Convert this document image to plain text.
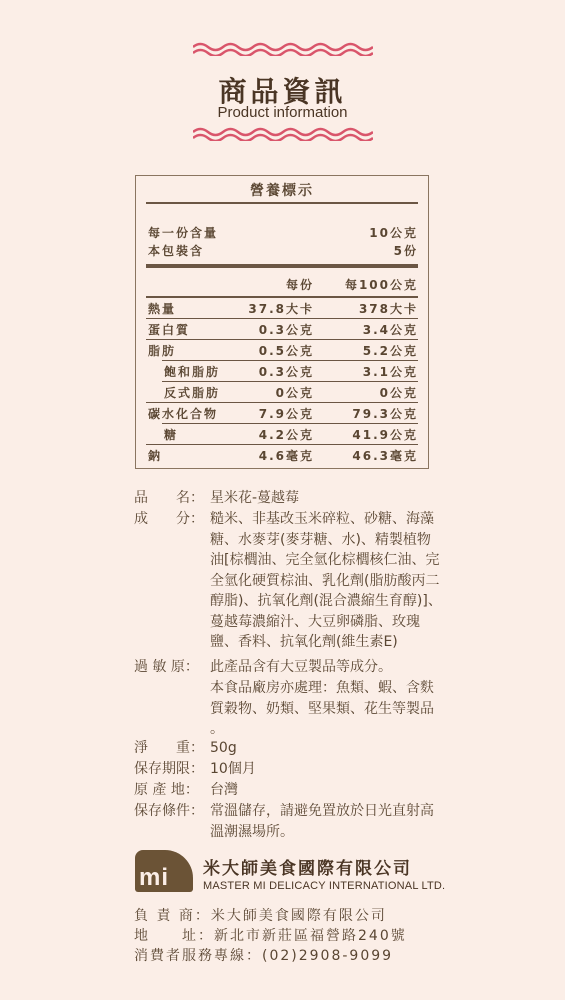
商品資訊
Product information
營養標示
每一份含量	10公克
本包裝含	5份
每份	每100公克
熱量	37.8大卡	378大卡
蛋白質	0.3公克	3.4公克
脂肪	0.5公克	5.2公克
飽和脂肪	0.3公克	3.1公克
反式脂肪	0公克	0公克
碳水化合物	7.9公克	79.3公克
糖	4.2公克	41.9公克
鈉	4.6毫克	46.3毫克
品　　名： 星米花-蔓越莓
成　　分： 糙米、非基改玉米碎粒、砂糖、海藻糖、水麥芽(麥芽糖、水)、精製植物油[棕櫚油、完全氫化棕櫚核仁油、完全氫化硬質棕油、乳化劑(脂肪酸丙二醇脂)、抗氧化劑(混合濃縮生育醇)]、蔓越莓濃縮汁、大豆卵磷脂、玫瑰鹽、香料、抗氧化劑(維生素E)
過 敏 原： 此產品含有大豆製品等成分。
本食品廠房亦處理：魚類、蝦、含麩質穀物、奶類、堅果類、花生等製品 。
淨　　重： 50g
保存期限： 10個月
原 產 地： 台灣
保存條件： 常溫儲存，請避免置放於日光直射高溫潮濕場所。
mi 米大師美食國際有限公司
MASTER MI DELICACY INTERNATIONAL LTD.
負 責 商：米大師美食國際有限公司
地　　址：新北市新莊區福營路240號
消費者服務專線：(02)2908-9099
